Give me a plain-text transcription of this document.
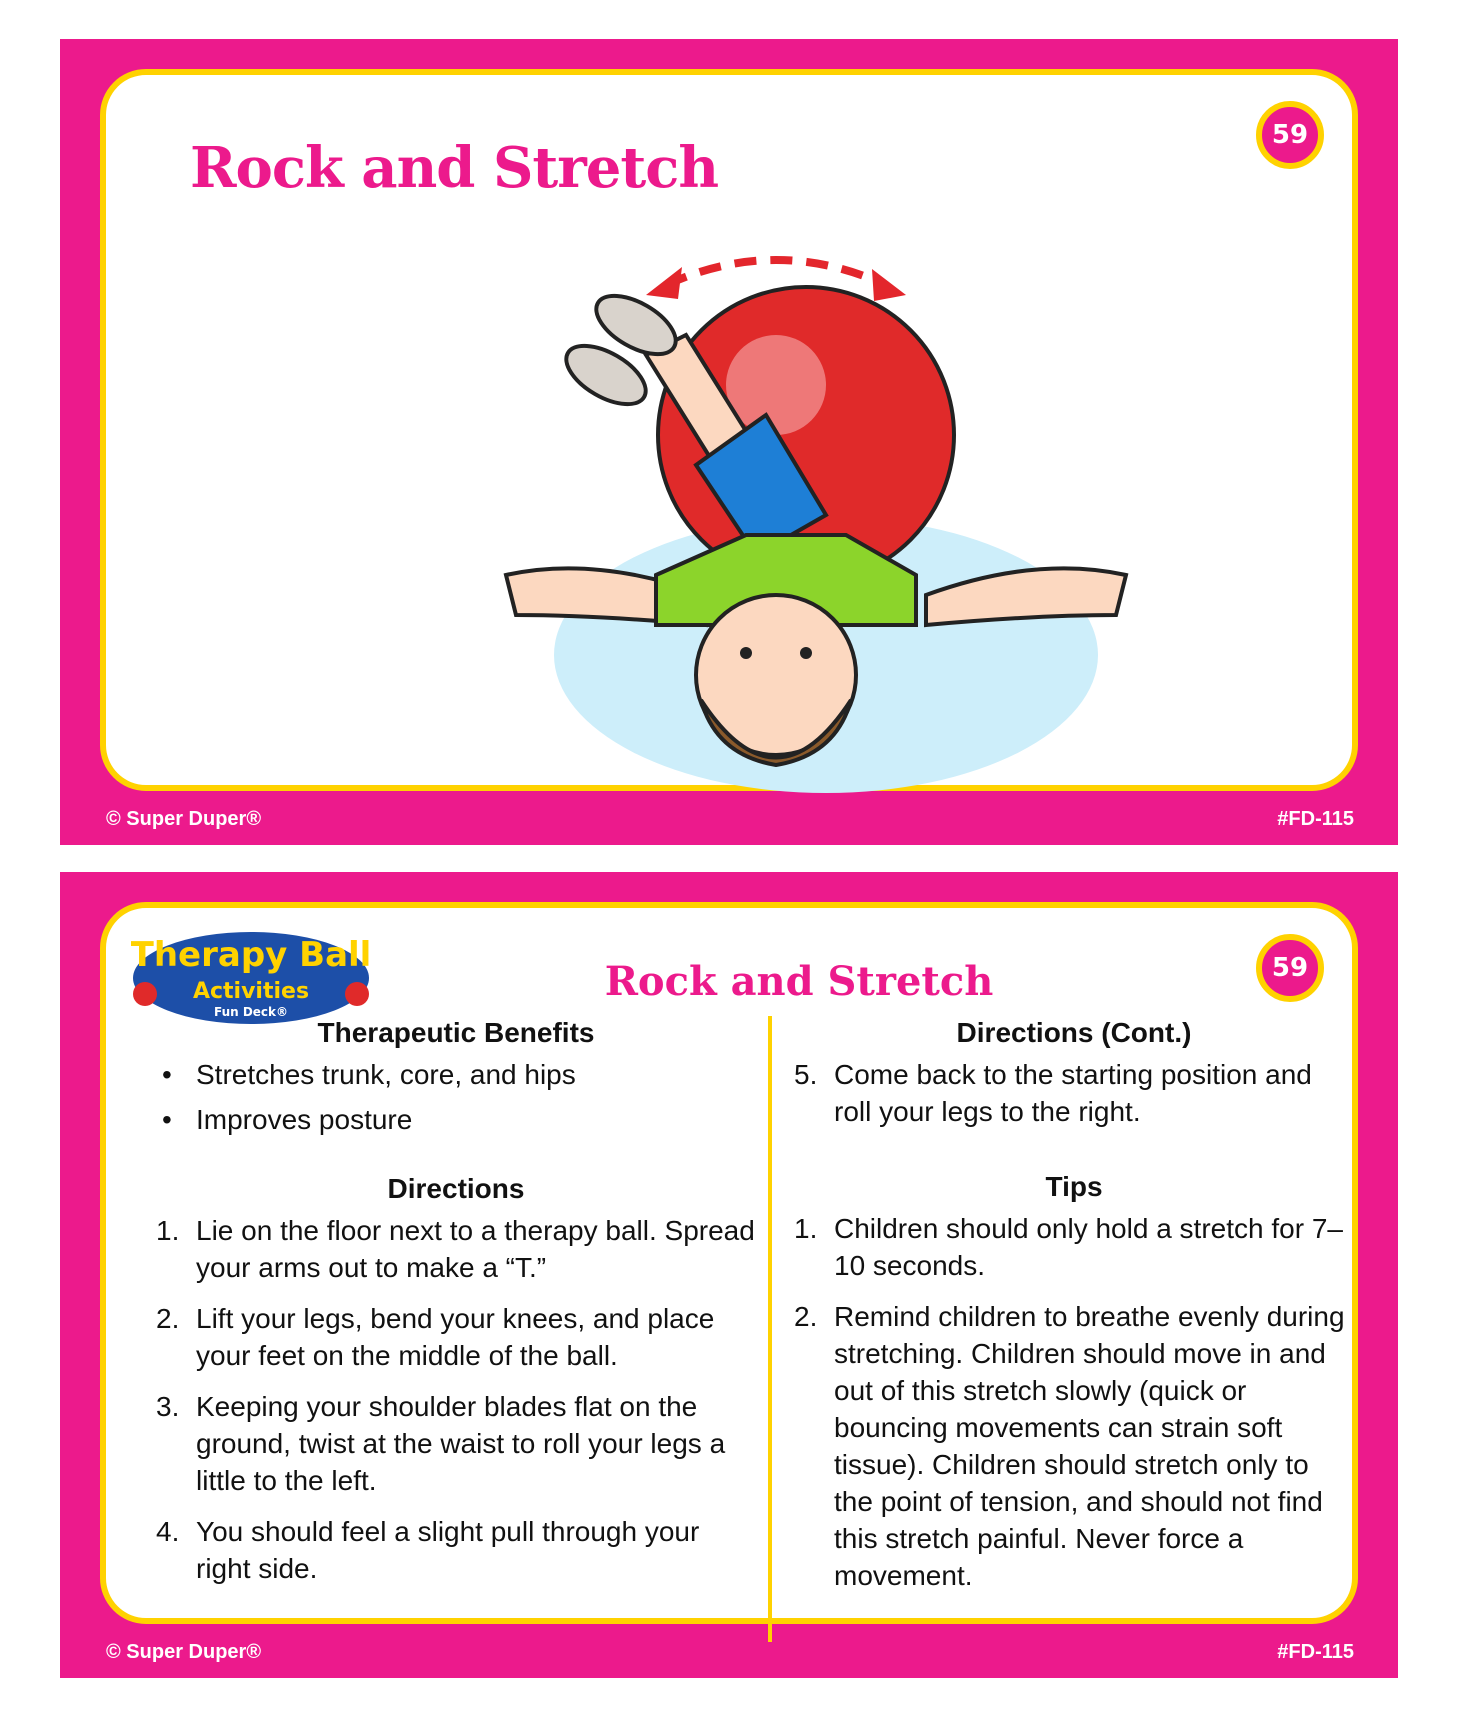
Rock and Stretch	59
© Super Duper®	#FD-115
59
Rock and Stretch
Therapy Ball
Activities
Fun Deck®
Therapeutic Benefits
• Stretches trunk, core, and hips
• Improves posture
Directions
1. Lie on the floor next to a therapy ball. Spread your arms out to make a “T.”
2. Lift your legs, bend your knees, and place your feet on the middle of the ball.
3. Keeping your shoulder blades flat on the ground, twist at the waist to roll your legs a little to the left.
4. You should feel a slight pull through your right side.
Directions (Cont.)
5. Come back to the starting position and roll your legs to the right.
Tips
1. Children should only hold a stretch for 7–10 seconds.
2. Remind children to breathe evenly during stretching. Children should move in and out of this stretch slowly (quick or bouncing movements can strain soft tissue). Children should stretch only to the point of tension, and should not find this stretch painful. Never force a movement.
© Super Duper®	#FD-115
